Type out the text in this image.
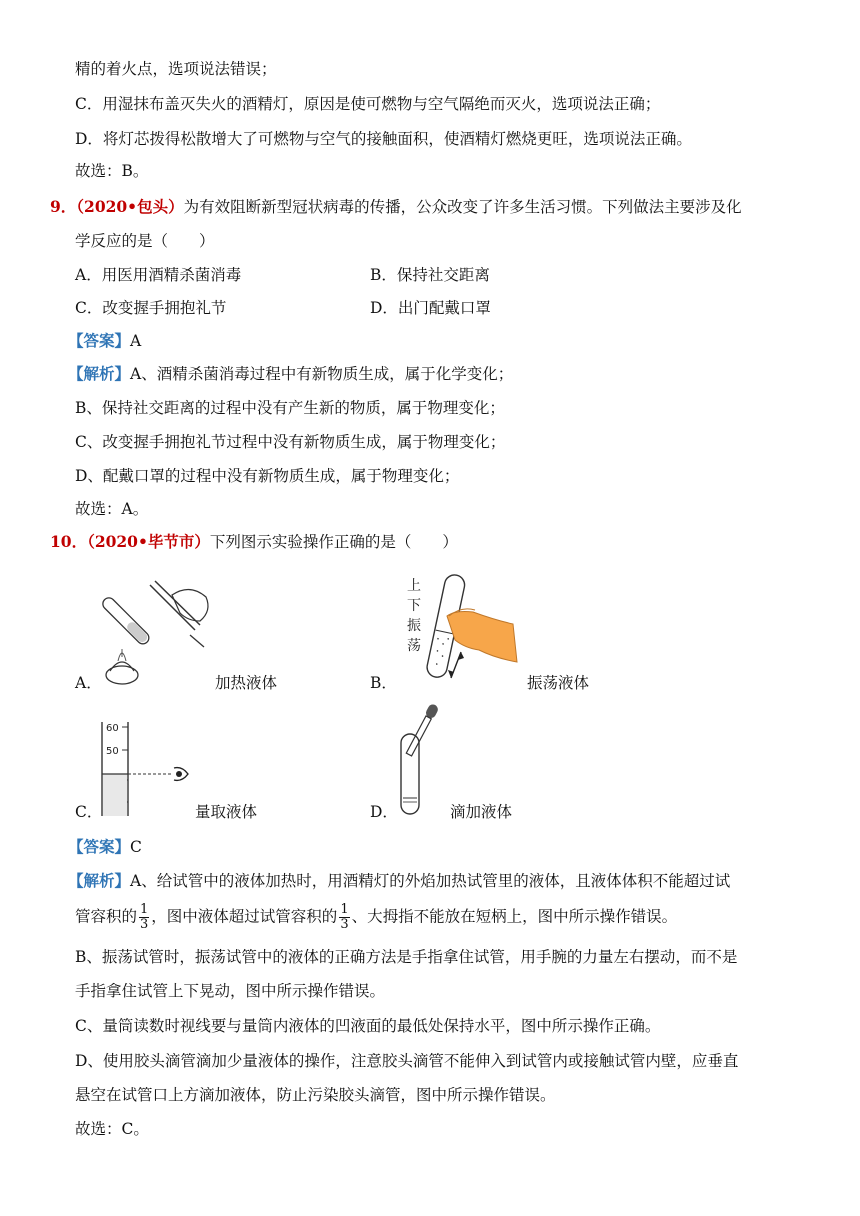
精的着火点，选项说法错误；
C．用湿抹布盖灭失火的酒精灯，原因是使可燃物与空气隔绝而灭火，选项说法正确；
D．将灯芯拨得松散增大了可燃物与空气的接触面积，使酒精灯燃烧更旺，选项说法正确。
故选：B。
9．（2020•包头）为有效阻断新型冠状病毒的传播，公众改变了许多生活习惯。下列做法主要涉及化
学反应的是（　　）
A．用医用酒精杀菌消毒	B．保持社交距离
C．改变握手拥抱礼节	D．出门配戴口罩
【答案】A
【解析】A、酒精杀菌消毒过程中有新物质生成，属于化学变化；
B、保持社交距离的过程中没有产生新的物质，属于物理变化；
C、改变握手拥抱礼节过程中没有新物质生成，属于物理变化；
D、配戴口罩的过程中没有新物质生成，属于物理变化；
故选：A。
10．（2020•毕节市）下列图示实验操作正确的是（　　）
A．	加热液体
上
下
振
荡
B．	振荡液体
60
50
C．	量取液体	D．	滴加液体
【答案】C
【解析】A、给试管中的液体加热时，用酒精灯的外焰加热试管里的液体，且液体体积不能超过试
管容积的 $\frac{1}{3}$ ，图中液体超过试管容积的 $\frac{1}{3}$ 、大拇指不能放在短柄上，图中所示操作错误。
B、振荡试管时，振荡试管中的液体的正确方法是手指拿住试管，用手腕的力量左右摆动，而不是
手指拿住试管上下晃动，图中所示操作错误。
C、量筒读数时视线要与量筒内液体的凹液面的最低处保持水平，图中所示操作正确。
D、使用胶头滴管滴加少量液体的操作，注意胶头滴管不能伸入到试管内或接触试管内壁，应垂直
悬空在试管口上方滴加液体，防止污染胶头滴管，图中所示操作错误。
故选：C。
